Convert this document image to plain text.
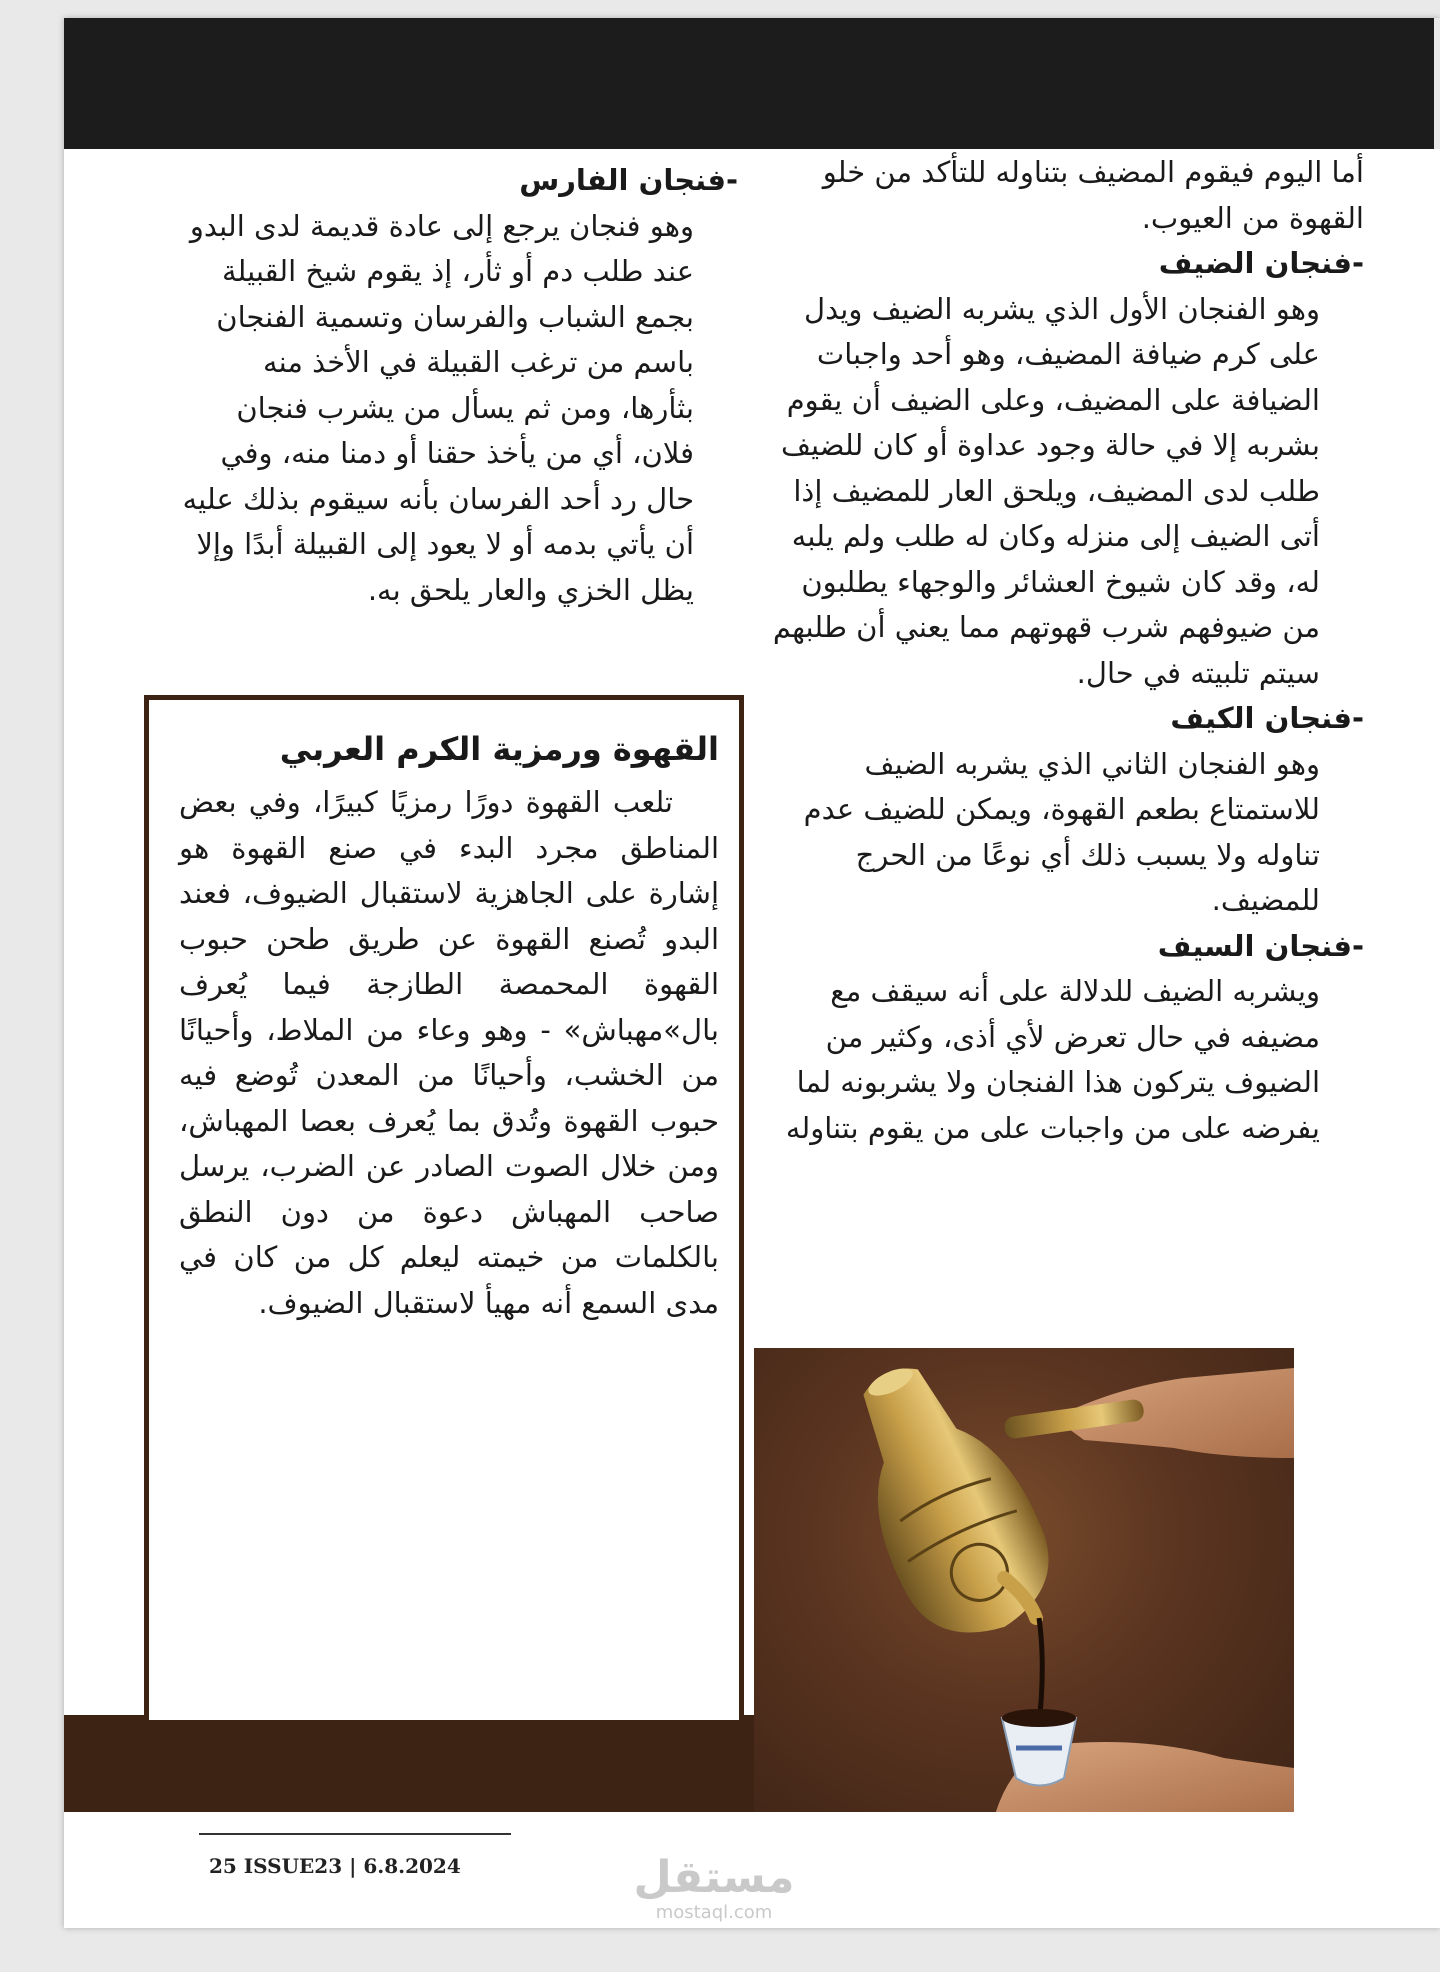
أما اليوم فيقوم المضيف بتناوله للتأكد من خلو القهوة من العيوب.

-فنجان الضيف

وهو الفنجان الأول الذي يشربه الضيف ويدل على كرم ضيافة المضيف، وهو أحد واجبات الضيافة على المضيف، وعلى الضيف أن يقوم بشربه إلا في حالة وجود عداوة أو كان للضيف طلب لدى المضيف، ويلحق العار للمضيف إذا أتى الضيف إلى منزله وكان له طلب ولم يلبه له، وقد كان شيوخ العشائر والوجهاء يطلبون من ضيوفهم شرب قهوتهم مما يعني أن طلبهم سيتم تلبيته في حال.

-فنجان الكيف

وهو الفنجان الثاني الذي يشربه الضيف للاستمتاع بطعم القهوة، ويمكن للضيف عدم تناوله ولا يسبب ذلك أي نوعًا من الحرج للمضيف.

-فنجان السيف

ويشربه الضيف للدلالة على أنه سيقف مع مضيفه في حال تعرض لأي أذى، وكثير من الضيوف يتركون هذا الفنجان ولا يشربونه لما يفرضه على من واجبات على من يقوم بتناوله

-فنجان الفارس

وهو فنجان يرجع إلى عادة قديمة لدى البدو عند طلب دم أو ثأر، إذ يقوم شيخ القبيلة بجمع الشباب والفرسان وتسمية الفنجان باسم من ترغب القبيلة في الأخذ منه بثأرها، ومن ثم يسأل من يشرب فنجان فلان، أي من يأخذ حقنا أو دمنا منه، وفي حال رد أحد الفرسان بأنه سيقوم بذلك عليه أن يأتي بدمه أو لا يعود إلى القبيلة أبدًا وإلا يظل الخزي والعار يلحق به.

القهوة ورمزية الكرم العربي

تلعب القهوة دورًا رمزيًا كبيرًا، وفي بعض المناطق مجرد البدء في صنع القهوة هو إشارة على الجاهزية لاستقبال الضيوف، فعند البدو تُصنع القهوة عن طريق طحن حبوب القهوة المحمصة الطازجة فيما يُعرف بال»مهباش» - وهو وعاء من الملاط، وأحيانًا من الخشب، وأحيانًا من المعدن تُوضع فيه حبوب القهوة وتُدق بما يُعرف بعصا المهباش، ومن خلال الصوت الصادر عن الضرب، يرسل صاحب المهباش دعوة من دون النطق بالكلمات من خيمته ليعلم كل من كان في مدى السمع أنه مهيأ لاستقبال الضيوف.

25 ISSUE23 | 6.8.2024	مستقل
mostaql.com
